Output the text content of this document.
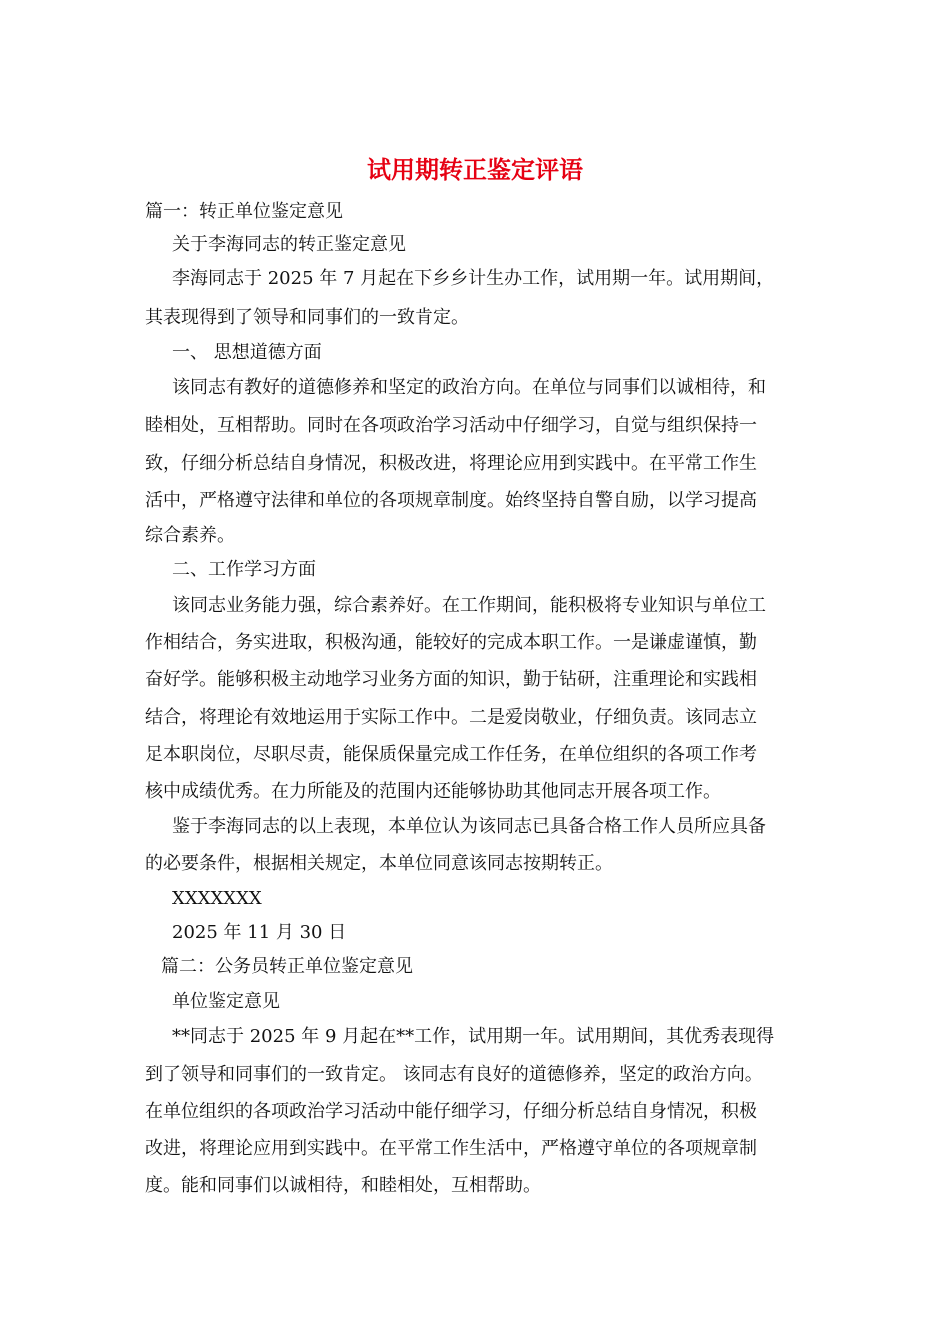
试用期转正鉴定评语

篇一：转正单位鉴定意见

关于李海同志的转正鉴定意见

李海同志于 2025 年 7 月起在下乡乡计生办工作，试用期一年。试用期间，

其表现得到了领导和同事们的一致肯定。

一、 思想道德方面

该同志有教好的道德修养和坚定的政治方向。在单位与同事们以诚相待，和

睦相处，互相帮助。同时在各项政治学习活动中仔细学习，自觉与组织保持一

致，仔细分析总结自身情况，积极改进，将理论应用到实践中。在平常工作生

活中，严格遵守法律和单位的各项规章制度。始终坚持自警自励，以学习提高

综合素养。

二、工作学习方面

该同志业务能力强，综合素养好。在工作期间，能积极将专业知识与单位工

作相结合，务实进取，积极沟通，能较好的完成本职工作。一是谦虚谨慎，勤

奋好学。能够积极主动地学习业务方面的知识，勤于钻研，注重理论和实践相

结合，将理论有效地运用于实际工作中。二是爱岗敬业，仔细负责。该同志立

足本职岗位，尽职尽责，能保质保量完成工作任务，在单位组织的各项工作考

核中成绩优秀。在力所能及的范围内还能够协助其他同志开展各项工作。

鉴于李海同志的以上表现，本单位认为该同志已具备合格工作人员所应具备

的必要条件，根据相关规定，本单位同意该同志按期转正。

XXXXXXX

2025 年 11 月 30 日

篇二：公务员转正单位鉴定意见

单位鉴定意见

**同志于 2025 年 9 月起在**工作，试用期一年。试用期间，其优秀表现得

到了领导和同事们的一致肯定。 该同志有良好的道德修养，坚定的政治方向。

在单位组织的各项政治学习活动中能仔细学习，仔细分析总结自身情况，积极

改进，将理论应用到实践中。在平常工作生活中，严格遵守单位的各项规章制

度。能和同事们以诚相待，和睦相处，互相帮助。
